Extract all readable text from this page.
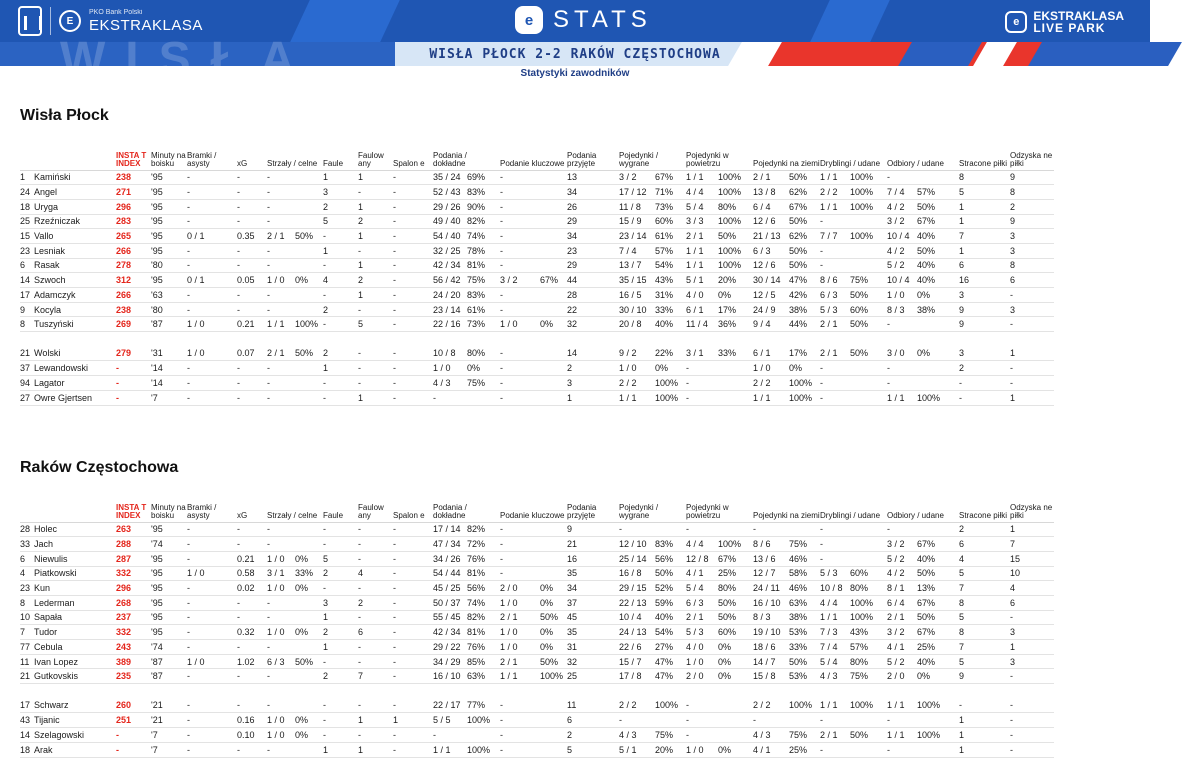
E
PKO Bank Polski
EKSTRAKLASA	e STATS	e	EKSTRAKLASA
LIVE PARK
WISŁA	WISŁA PŁOCK 2-2 RAKÓW CZĘSTOCHOWA
Statystyki zawodników
Wisła Płock
	INSTA T INDEX	Minuty na boisku	Bramki / asysty	xG	Strzały / celne	Faule	Faulow any	Spalon e	Podania / dokładne	Podanie kluczowe	Podania przyjęte	Pojedynki / wygrane	Pojedynki w powietrzu	Pojedynki na ziemi	Dryblingi / udane	Odbiory / udane	Stracone piłki	Odzyska ne piłki
1 Kamiński	238	'95	-	-	-	1	1	-	35 / 24 69%	-	13	3 / 2 67%	1 / 1 100%	2 / 1 50%	1 / 1 100%	-	8	9
24 Angel	271	'95	-	-	-	3	-	-	52 / 43 83%	-	34	17 / 12 71%	4 / 4 100%	13 / 8 62%	2 / 2 100%	7 / 4 57%	5	8
18 Uryga	296	'95	-	-	-	2	1	-	29 / 26 90%	-	26	11 / 8 73%	5 / 4 80%	6 / 4 67%	1 / 1 100%	4 / 2 50%	1	2
25 Rzeźniczak	283	'95	-	-	-	5	2	-	49 / 40 82%	-	29	15 / 9 60%	3 / 3 100%	12 / 6 50%	-	3 / 2 67%	1	9
15 Vallo	265	'95	0 / 1	0.35	2 / 1 50%	-	1	-	54 / 40 74%	-	34	23 / 14 61%	2 / 1 50%	21 / 13 62%	7 / 7 100%	10 / 4 40%	7	3
23 Lesniak	266	'95	-	-	-	1	-	-	32 / 25 78%	-	23	7 / 4 57%	1 / 1 100%	6 / 3 50%	-	4 / 2 50%	1	3
6 Rasak	278	'80	-	-	-	-	1	-	42 / 34 81%	-	29	13 / 7 54%	1 / 1 100%	12 / 6 50%	-	5 / 2 40%	6	8
14 Szwoch	312	'95	0 / 1	0.05	1 / 0 0%	4	2	-	56 / 42 75%	3 / 2 67%	44	35 / 15 43%	5 / 1 20%	30 / 14 47%	8 / 6 75%	10 / 4 40%	16	6
17 Adamczyk	266	'63	-	-	-	-	1	-	24 / 20 83%	-	28	16 / 5 31%	4 / 0 0%	12 / 5 42%	6 / 3 50%	1 / 0 0%	3	-
9 Kocyla	238	'80	-	-	-	2	-	-	23 / 14 61%	-	22	30 / 10 33%	6 / 1 17%	24 / 9 38%	5 / 3 60%	8 / 3 38%	9	3
8 Tuszyński	269	'87	1 / 0	0.21	1 / 1 100%	-	5	-	22 / 16 73%	1 / 0 0%	32	20 / 8 40%	11 / 4 36%	9 / 4 44%	2 / 1 50%	-	9	-

21 Wolski	279	'31	1 / 0	0.07	2 / 1 50%	2	-	-	10 / 8 80%	-	14	9 / 2 22%	3 / 1 33%	6 / 1 17%	2 / 1 50%	3 / 0 0%	3	1
37 Lewandowski	-	'14	-	-	-	1	-	-	1 / 0 0%	-	2	1 / 0 0%	-	1 / 0 0%	-	-	2	-
94 Lagator	-	'14	-	-	-	-	-	-	4 / 3 75%	-	3	2 / 2 100%	-	2 / 2 100%	-	-	-	-
27 Owre Gjertsen	-	'7	-	-	-	-	1	-	-	-	1	1 / 1 100%	-	1 / 1 100%	-	1 / 1 100%	-	1
Raków Częstochowa
	INSTA T INDEX	Minuty na boisku	Bramki / asysty	xG	Strzały / celne	Faule	Faulow any	Spalon e	Podania / dokładne	Podanie kluczowe	Podania przyjęte	Pojedynki / wygrane	Pojedynki w powietrzu	Pojedynki na ziemi	Dryblingi / udane	Odbiory / udane	Stracone piłki	Odzyska ne piłki
28 Holec	263	'95	-	-	-	-	-	-	17 / 14 82%	-	9	-	-	-	-	-	2	1
33 Jach	288	'74	-	-	-	-	-	-	47 / 34 72%	-	21	12 / 10 83%	4 / 4 100%	8 / 6 75%	-	3 / 2 67%	6	7
6 Niewulis	287	'95	-	0.21	1 / 0 0%	5	-	-	34 / 26 76%	-	16	25 / 14 56%	12 / 8 67%	13 / 6 46%	-	5 / 2 40%	4	15
4 Piatkowski	332	'95	1 / 0	0.58	3 / 1 33%	2	4	-	54 / 44 81%	-	35	16 / 8 50%	4 / 1 25%	12 / 7 58%	5 / 3 60%	4 / 2 50%	5	10
23 Kun	296	'95	-	0.02	1 / 0 0%	-	-	-	45 / 25 56%	2 / 0 0%	34	29 / 15 52%	5 / 4 80%	24 / 11 46%	10 / 8 80%	8 / 1 13%	7	4
8 Lederman	268	'95	-	-	-	3	2	-	50 / 37 74%	1 / 0 0%	37	22 / 13 59%	6 / 3 50%	16 / 10 63%	4 / 4 100%	6 / 4 67%	8	6
10 Sapała	237	'95	-	-	-	1	-	-	55 / 45 82%	2 / 1 50%	45	10 / 4 40%	2 / 1 50%	8 / 3 38%	1 / 1 100%	2 / 1 50%	5	-
7 Tudor	332	'95	-	0.32	1 / 0 0%	2	6	-	42 / 34 81%	1 / 0 0%	35	24 / 13 54%	5 / 3 60%	19 / 10 53%	7 / 3 43%	3 / 2 67%	8	3
77 Cebula	243	'74	-	-	-	1	-	-	29 / 22 76%	1 / 0 0%	31	22 / 6 27%	4 / 0 0%	18 / 6 33%	7 / 4 57%	4 / 1 25%	7	1
11 Ivan Lopez	389	'87	1 / 0	1.02	6 / 3 50%	-	-	-	34 / 29 85%	2 / 1 50%	32	15 / 7 47%	1 / 0 0%	14 / 7 50%	5 / 4 80%	5 / 2 40%	5	3
21 Gutkovskis	235	'87	-	-	-	2	7	-	16 / 10 63%	1 / 1 100%	25	17 / 8 47%	2 / 0 0%	15 / 8 53%	4 / 3 75%	2 / 0 0%	9	-

17 Schwarz	260	'21	-	-	-	-	-	-	22 / 17 77%	-	11	2 / 2 100%	-	2 / 2 100%	1 / 1 100%	1 / 1 100%	-	-
43 Tijanic	251	'21	-	0.16	1 / 0 0%	-	1	1	5 / 5 100%	-	6	-	-	-	-	-	1	-
14 Szelagowski	-	'7	-	0.10	1 / 0 0%	-	-	-	-	-	2	4 / 3 75%	-	4 / 3 75%	2 / 1 50%	1 / 1 100%	1	-
18 Arak	-	'7	-	-	-	1	1	-	1 / 1 100%	-	5	5 / 1 20%	1 / 0 0%	4 / 1 25%	-	-	1	-
